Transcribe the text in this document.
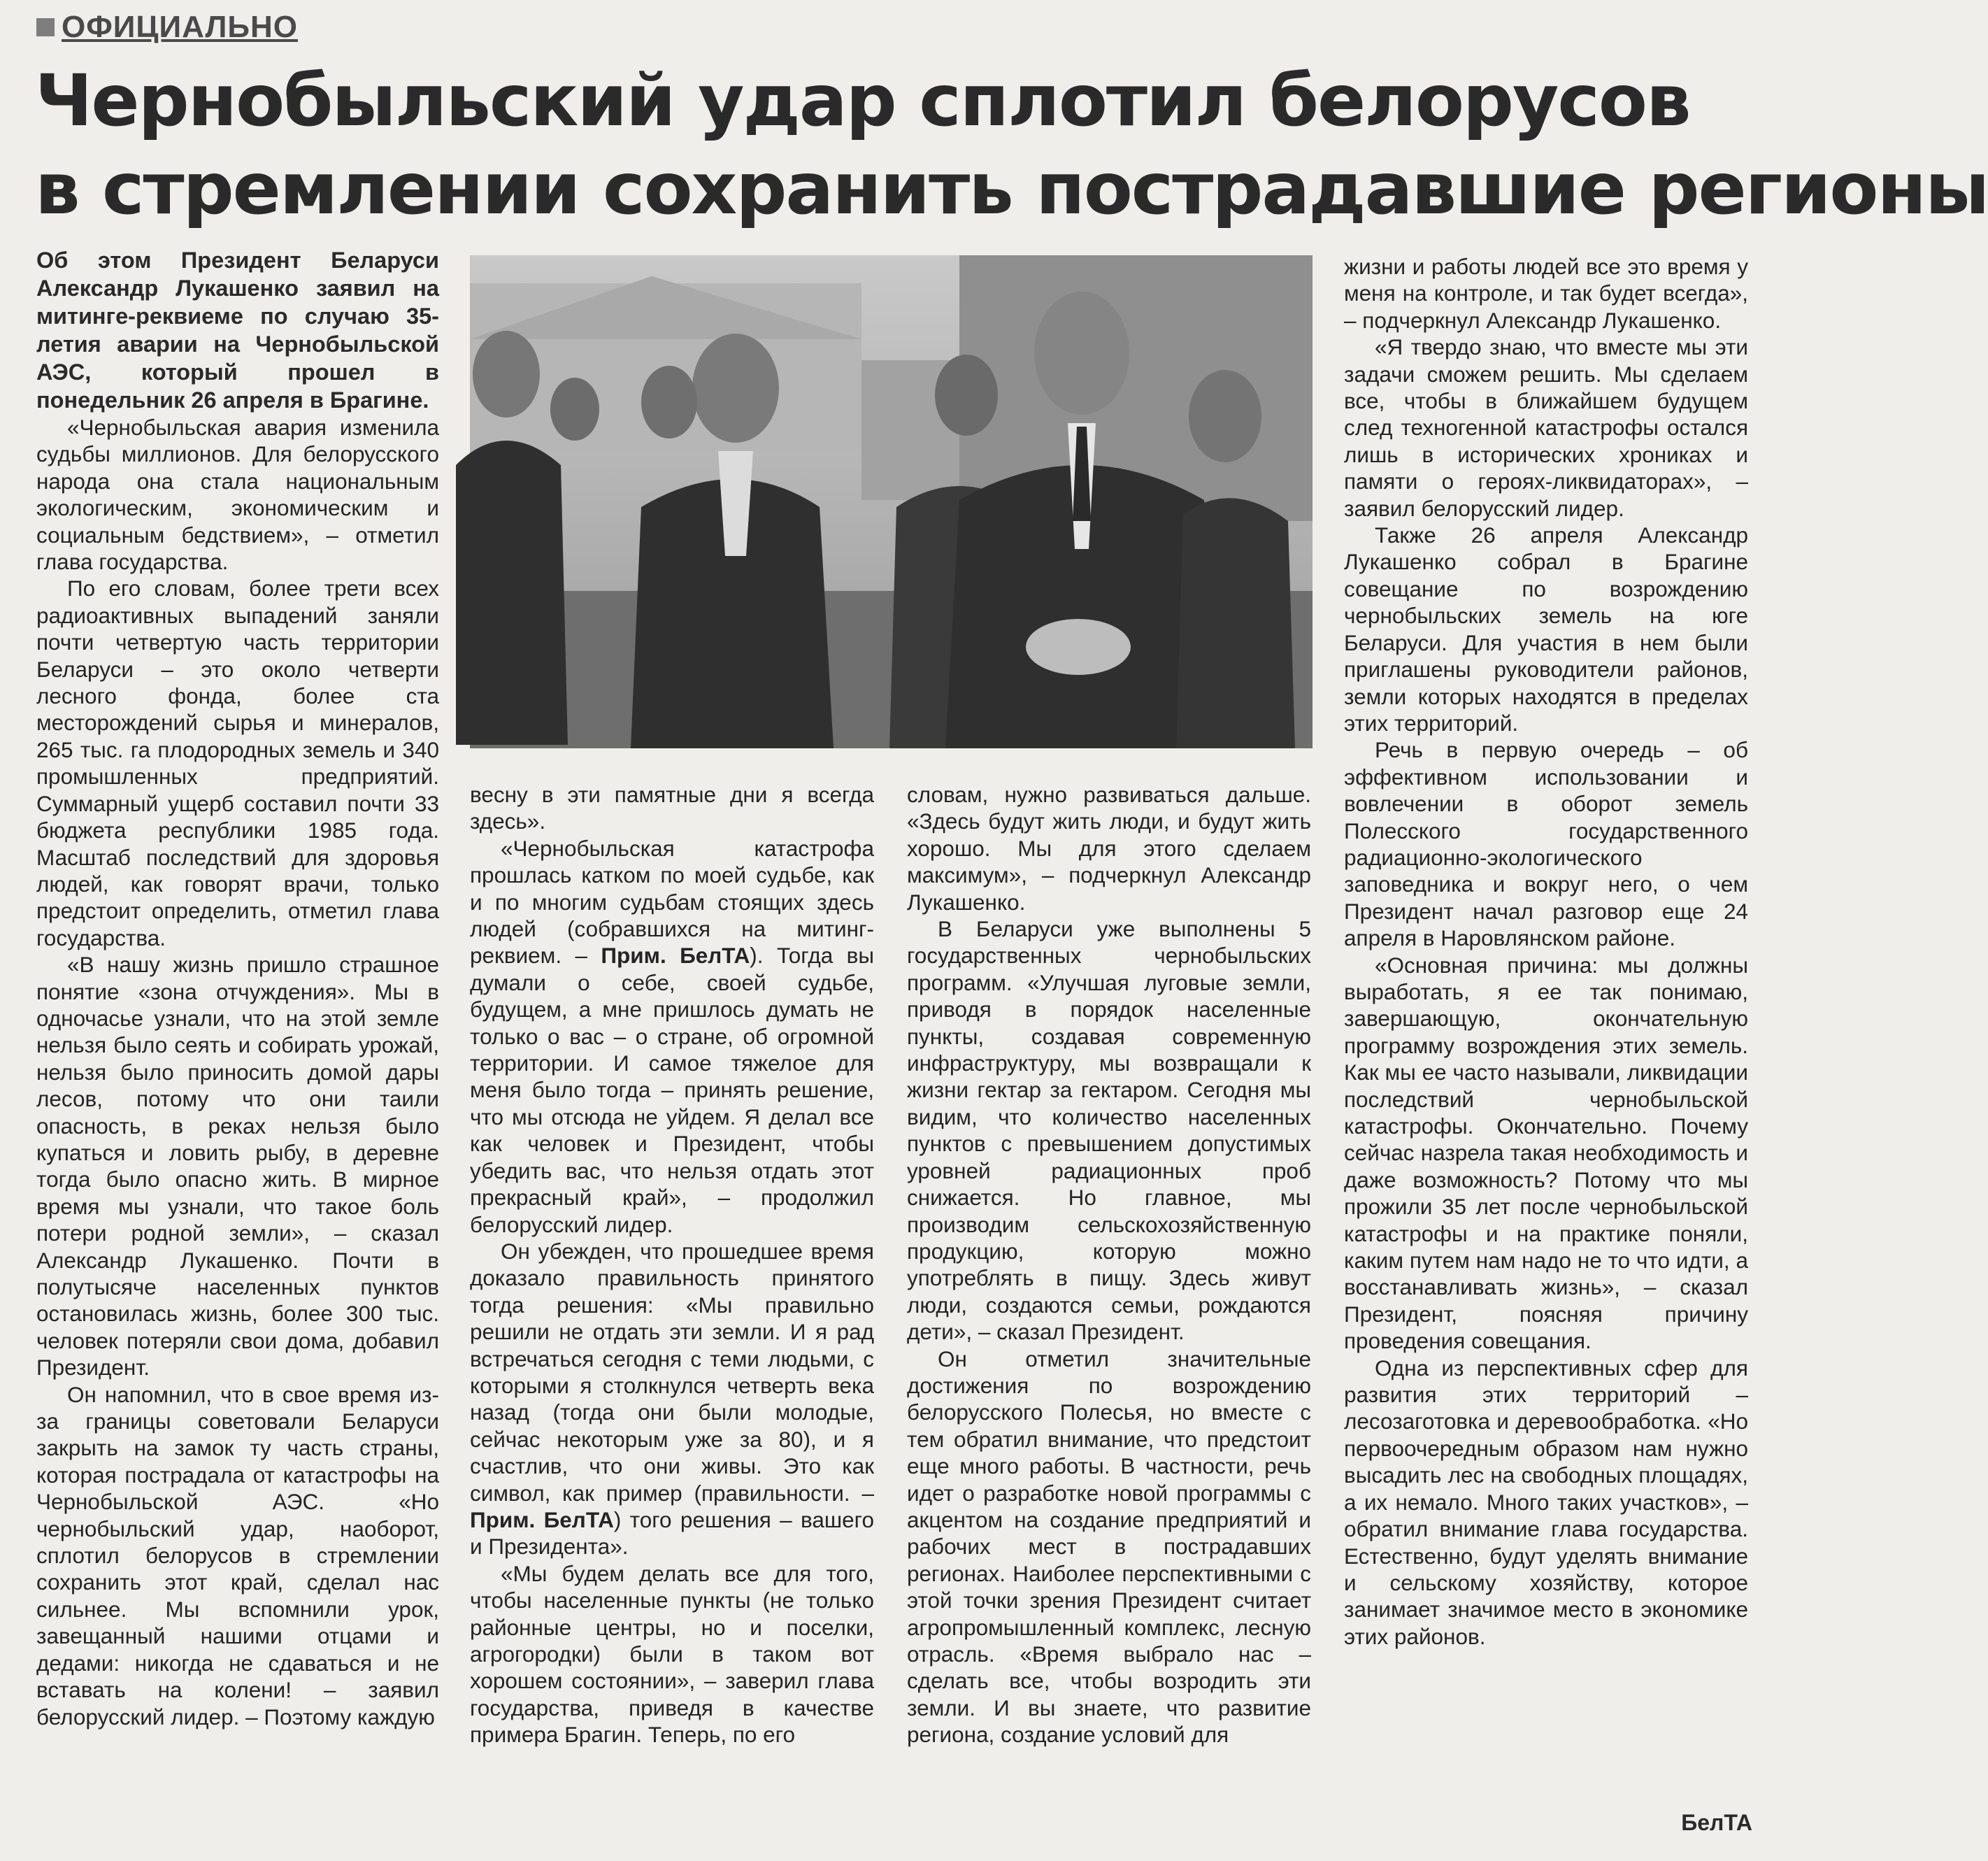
ОФИЦИАЛЬНО
Чернобыльский удар сплотил белорусов
в стремлении сохранить пострадавшие регионы

Об этом Президент Беларуси Александр Лукашенко заявил на митинге-реквиеме по случаю 35-летия аварии на Чернобыльской АЭС, который прошел в понедельник 26 апреля в Брагине.

«Чернобыльская авария изменила судьбы миллионов. Для белорусского народа она стала национальным экологическим, экономическим и социальным бедствием», – отметил глава государства.

По его словам, более трети всех радиоактивных выпадений заняли почти четвертую часть территории Беларуси – это около четверти лесного фонда, более ста месторождений сырья и минералов, 265 тыс. га плодородных земель и 340 промышленных предприятий. Суммарный ущерб составил почти 33 бюджета республики 1985 года. Масштаб последствий для здоровья людей, как говорят врачи, только предстоит определить, отметил глава государства.

«В нашу жизнь пришло страшное понятие «зона отчуждения». Мы в одночасье узнали, что на этой земле нельзя было сеять и собирать урожай, нельзя было приносить домой дары лесов, потому что они таили опасность, в реках нельзя было купаться и ловить рыбу, в деревне тогда было опасно жить. В мирное время мы узнали, что такое боль потери родной земли», – сказал Александр Лукашенко. Почти в полутысяче населенных пунктов остановилась жизнь, более 300 тыс. человек потеряли свои дома, добавил Президент.

Он напомнил, что в свое время из-за границы советовали Беларуси закрыть на замок ту часть страны, которая пострадала от катастрофы на Чернобыльской АЭС. «Но чернобыльский удар, наоборот, сплотил белорусов в стремлении сохранить этот край, сделал нас сильнее. Мы вспомнили урок, завещанный нашими отцами и дедами: никогда не сдаваться и не вставать на колени! – заявил белорусский лидер. – Поэтому каждую

весну в эти памятные дни я всегда здесь».

«Чернобыльская катастрофа прошлась катком по моей судьбе, как и по многим судьбам стоящих здесь людей (собравшихся на митинг-реквием. – Прим. БелТА). Тогда вы думали о себе, своей судьбе, будущем, а мне пришлось думать не только о вас – о стране, об огромной территории. И самое тяжелое для меня было тогда – принять решение, что мы отсюда не уйдем. Я делал все как человек и Президент, чтобы убедить вас, что нельзя отдать этот прекрасный край», – продолжил белорусский лидер.

Он убежден, что прошедшее время доказало правильность принятого тогда решения: «Мы правильно решили не отдать эти земли. И я рад встречаться сегодня с теми людьми, с которыми я столкнулся четверть века назад (тогда они были молодые, сейчас некоторым уже за 80), и я счастлив, что они живы. Это как символ, как пример (правильности. – Прим. БелТА) того решения – вашего и Президента».

«Мы будем делать все для того, чтобы населенные пункты (не только районные центры, но и поселки, агрогородки) были в таком вот хорошем состоянии», – заверил глава государства, приведя в качестве примера Брагин. Теперь, по его

словам, нужно развиваться дальше. «Здесь будут жить люди, и будут жить хорошо. Мы для этого сделаем максимум», – подчеркнул Александр Лукашенко.

В Беларуси уже выполнены 5 государственных чернобыльских программ. «Улучшая луговые земли, приводя в порядок населенные пункты, создавая современную инфраструктуру, мы возвращали к жизни гектар за гектаром. Сегодня мы видим, что количество населенных пунктов с превышением допустимых уровней радиационных проб снижается. Но главное, мы производим сельскохозяйственную продукцию, которую можно употреблять в пищу. Здесь живут люди, создаются семьи, рождаются дети», – сказал Президент.

Он отметил значительные достижения по возрождению белорусского Полесья, но вместе с тем обратил внимание, что предстоит еще много работы. В частности, речь идет о разработке новой программы с акцентом на создание предприятий и рабочих мест в пострадавших регионах. Наиболее перспективными с этой точки зрения Президент считает агропромышленный комплекс, лесную отрасль. «Время выбрало нас – сделать все, чтобы возродить эти земли. И вы знаете, что развитие региона, создание условий для

жизни и работы людей все это время у меня на контроле, и так будет всегда», – подчеркнул Александр Лукашенко.

«Я твердо знаю, что вместе мы эти задачи сможем решить. Мы сделаем все, чтобы в ближайшем будущем след техногенной катастрофы остался лишь в исторических хрониках и памяти о героях-ликвидаторах», – заявил белорусский лидер.

Также 26 апреля Александр Лукашенко собрал в Брагине совещание по возрождению чернобыльских земель на юге Беларуси. Для участия в нем были приглашены руководители районов, земли которых находятся в пределах этих территорий.

Речь в первую очередь – об эффективном использовании и вовлечении в оборот земель Полесского государственного радиационно-экологического заповедника и вокруг него, о чем Президент начал разговор еще 24 апреля в Наровлянском районе.

«Основная причина: мы должны выработать, я ее так понимаю, завершающую, окончательную программу возрождения этих земель. Как мы ее часто называли, ликвидации последствий чернобыльской катастрофы. Окончательно. Почему сейчас назрела такая необходимость и даже возможность? Потому что мы прожили 35 лет после чернобыльской катастрофы и на практике поняли, каким путем нам надо не то что идти, а восстанавливать жизнь», – сказал Президент, поясняя причину проведения совещания.

Одна из перспективных сфер для развития этих территорий – лесозаготовка и деревообработка. «Но первоочередным образом нам нужно высадить лес на свободных площадях, а их немало. Много таких участков», – обратил внимание глава государства. Естественно, будут уделять внимание и сельскому хозяйству, которое занимает значимое место в экономике этих районов.

БелТА
